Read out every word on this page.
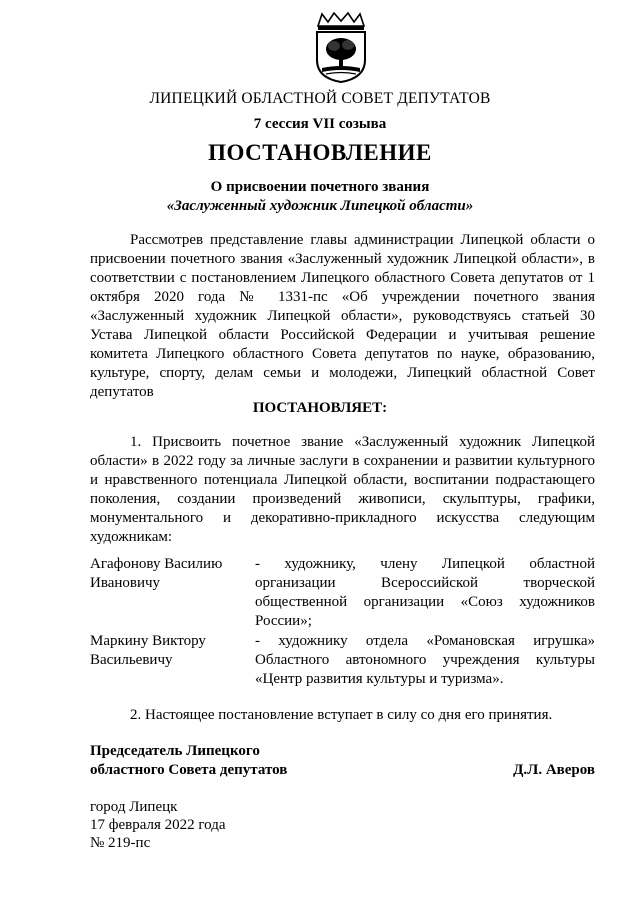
ЛИПЕЦКИЙ ОБЛАСТНОЙ СОВЕТ ДЕПУТАТОВ
7 сессия VII созыва
ПОСТАНОВЛЕНИЕ
О присвоении почетного звания
«Заслуженный художник Липецкой области»
Рассмотрев представление главы администрации Липецкой области о присвоении почетного звания «Заслуженный художник Липецкой области», в соответствии с постановлением Липецкого областного Совета депутатов от 1 октября 2020 года № 1331-пс «Об учреждении почетного звания «Заслуженный художник Липецкой области», руководствуясь статьей 30 Устава Липецкой области Российской Федерации и учитывая решение комитета Липецкого областного Совета депутатов по науке, образованию, культуре, спорту, делам семьи и молодежи, Липецкий областной Совет депутатов
ПОСТАНОВЛЯЕТ:
1. Присвоить почетное звание «Заслуженный художник Липецкой области» в 2022 году за личные заслуги в сохранении и развитии культурного и нравственного потенциала Липецкой области, воспитании подрастающего поколения, создании произведений живописи, скульптуры, графики, монументального и декоративно-прикладного искусства следующим художникам:
Агафонову Василию Ивановичу
- художнику, члену Липецкой областной организации Всероссийской творческой общественной организации «Союз художников России»;
Маркину Виктору Васильевичу
- художнику отдела «Романовская игрушка» Областного автономного учреждения культуры «Центр развития культуры и туризма».
2. Настоящее постановление вступает в силу со дня его принятия.
Председатель Липецкого
областного Совета депутатов	Д.Л. Аверов
город Липецк
17 февраля 2022 года
№ 219-пс
